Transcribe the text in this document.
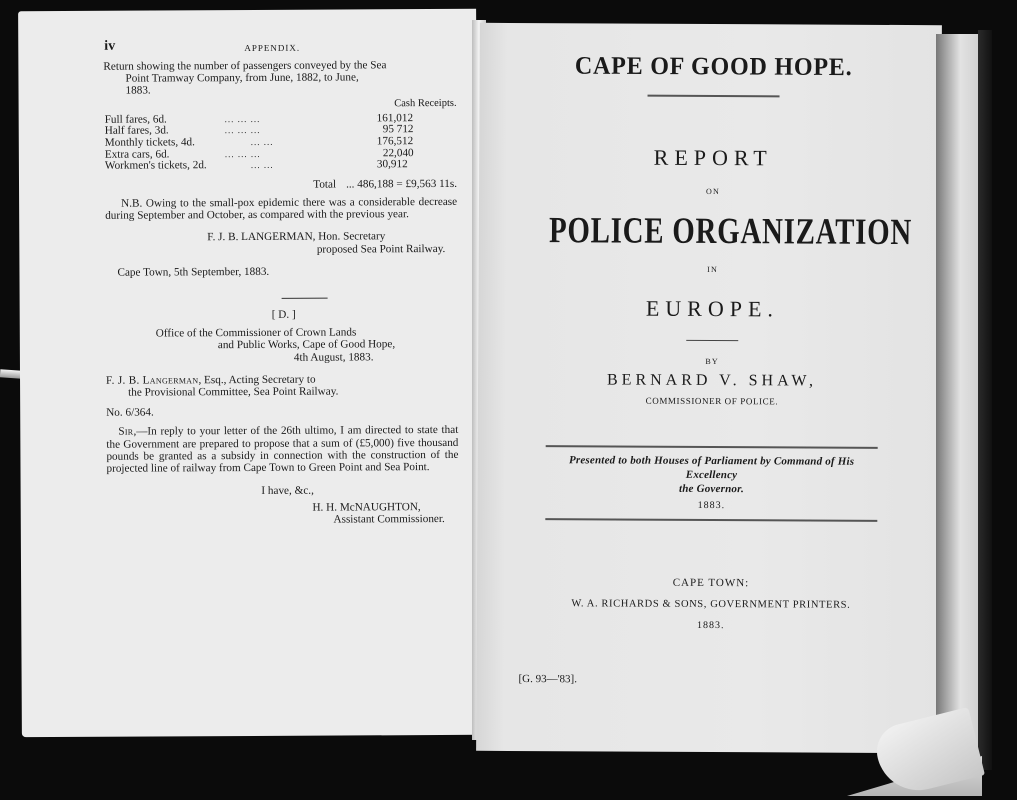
iv	APPENDIX.

Return showing the number of passengers conveyed by the Sea
Point Tramway Company, from June, 1882, to June,
1883.

Cash Receipts.
Full fares, 6d.	... ... ...	161,012
Half fares, 3d.	... ... ...	95 712
Monthly tickets, 4d.	... ...	176,512
Extra cars, 6d.	... ... ...	22,040
Workmen's tickets, 2d.	... ...	30,912
Total ... 486,188 = £9,563 11s.

N.B. Owing to the small-pox epidemic there was a considerable decrease during September and October, as compared with the previous year.

F. J. B. LANGERMAN, Hon. Secretary
proposed Sea Point Railway.
Cape Town, 5th September, 1883.
[ D. ]
Office of the Commissioner of Crown Lands
and Public Works, Cape of Good Hope,
4th August, 1883.
F. J. B. Langerman, Esq., Acting Secretary to
the Provisional Committee, Sea Point Railway.
No. 6/364.

Sir,—In reply to your letter of the 26th ultimo, I am directed to state that the Government are prepared to propose that a sum of (£5,000) five thousand pounds be granted as a subsidy in connection with the construction of the projected line of railway from Cape Town to Green Point and Sea Point.

I have, &c.,
H. H. McNAUGHTON,
Assistant Commissioner.
CAPE OF GOOD HOPE.
REPORT
ON
POLICE ORGANIZATION
IN
EUROPE.
BY
BERNARD V. SHAW,
COMMISSIONER OF POLICE.
Presented to both Houses of Parliament by Command of His Excellency
the Governor.
1883.
CAPE TOWN:
W. A. RICHARDS & SONS, GOVERNMENT PRINTERS.
1883.
[G. 93—'83].
